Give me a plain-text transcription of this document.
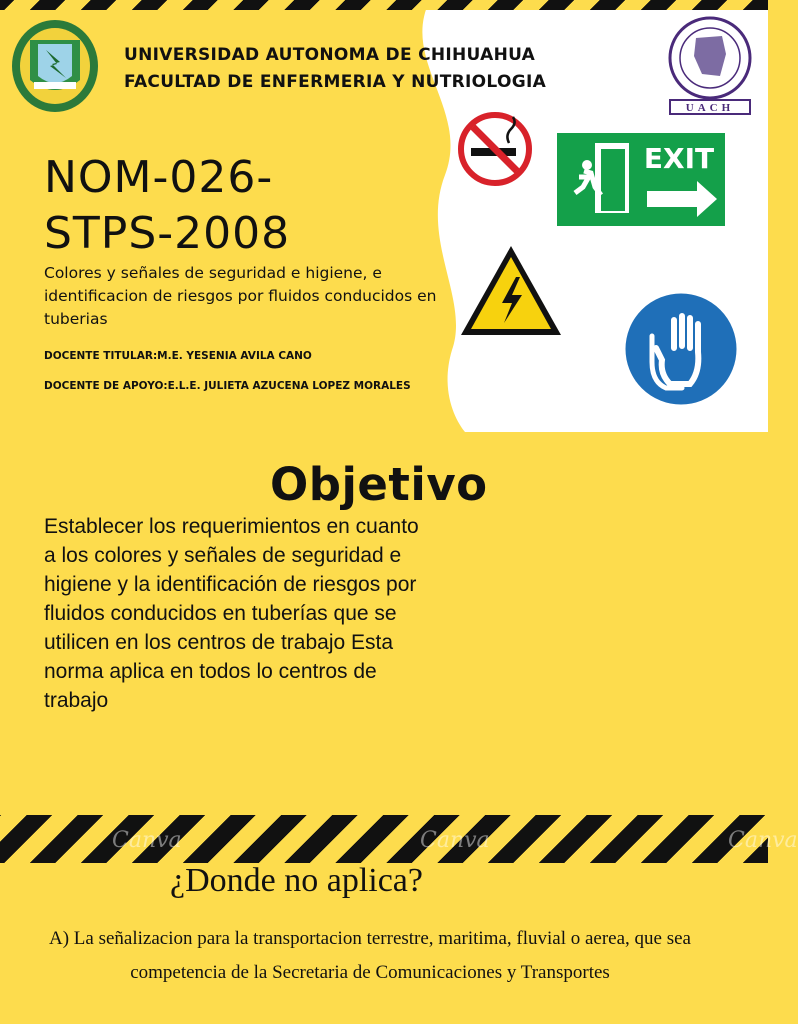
UNIVERSIDAD AUTONOMA DE CHIHUAHUA
FACULTAD DE ENFERMERIA Y NUTRIOLOGIA
UACH
EXIT
NOM-026-STPS-2008
Colores y señales de seguridad e higiene, e identificacion de riesgos por fluidos conducidos en tuberias
DOCENTE TITULAR:M.E. YESENIA AVILA CANO
DOCENTE DE APOYO:E.L.E. JULIETA AZUCENA LOPEZ MORALES
Objetivo
Establecer los requerimientos en cuanto a los colores y señales de seguridad e higiene y la identificación de riesgos por fluidos conducidos en tuberías que se utilicen en los centros de trabajo Esta norma aplica en todos lo centros de trabajo
Canva	Canva	Canva
¿Donde no aplica?
A) La señalizacion para la transportacion terrestre, maritima, fluvial o aerea, que sea competencia de la Secretaria de Comunicaciones y Transportes
